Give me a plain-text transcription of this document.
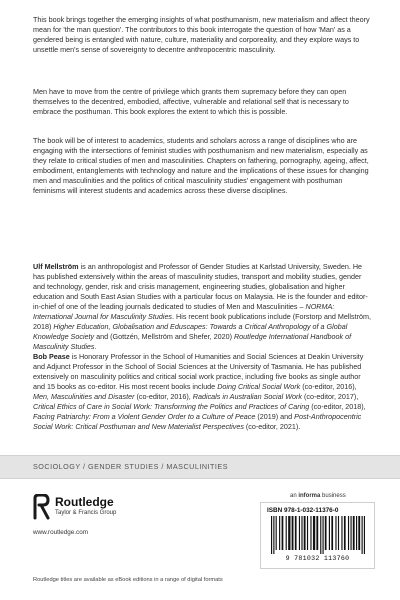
This book brings together the emerging insights of what posthumanism, new materialism and affect theory mean for 'the man question'. The contributors to this book interrogate the question of how 'Man' as a gendered being is entangled with nature, culture, materiality and corporeality, and they explore ways to unsettle men's sense of sovereignty to decentre anthropocentric masculinity.

Men have to move from the centre of privilege which grants them supremacy before they can open themselves to the decentred, embodied, affective, vulnerable and relational self that is necessary to embrace the posthuman. This book explores the extent to which this is possible.

The book will be of interest to academics, students and scholars across a range of disciplines who are engaging with the intersections of feminist studies with posthumanism and new materialism, especially as they relate to critical studies of men and masculinities. Chapters on fathering, pornography, ageing, affect, embodiment, entanglements with technology and nature and the implications of these issues for changing men and masculinities and the politics of critical masculinity studies' engagement with posthuman feminisms will interest students and academics across these diverse disciplines.

Ulf Mellström is an anthropologist and Professor of Gender Studies at Karlstad University, Sweden. He has published extensively within the areas of masculinity studies, transport and mobility studies, gender and technology, gender, risk and crisis management, engineering studies, globalisation and higher education and South East Asian Studies with a particular focus on Malaysia. He is the founder and editor-in-chief of one of the leading journals dedicated to studies of Men and Masculinities – NORMA: International Journal for Masculinity Studies. His recent book publications include (Forstorp and Mellström, 2018) Higher Education, Globalisation and Eduscapes: Towards a Critical Anthropology of a Global Knowledge Society and (Gottzén, Mellström and Shefer, 2020) Routledge International Handbook of Masculinity Studies.

Bob Pease is Honorary Professor in the School of Humanities and Social Sciences at Deakin University and Adjunct Professor in the School of Social Sciences at the University of Tasmania. He has published extensively on masculinity politics and critical social work practice, including five books as single author and 15 books as co-editor. His most recent books include Doing Critical Social Work (co-editor, 2016), Men, Masculinities and Disaster (co-editor, 2016), Radicals in Australian Social Work (co-editor, 2017), Critical Ethics of Care in Social Work: Transforming the Politics and Practices of Caring (co-editor, 2018), Facing Patriarchy: From a Violent Gender Order to a Culture of Peace (2019) and Post-Anthropocentric Social Work: Critical Posthuman and New Materialist Perspectives (co-editor, 2021).

SOCIOLOGY / GENDER STUDIES / MASCULINITIES
Routledge
Taylor & Francis Group
www.routledge.com
an informa business
ISBN 978-1-032-11376-0
9 781032 113760
Routledge titles are available as eBook editions in a range of digital formats
